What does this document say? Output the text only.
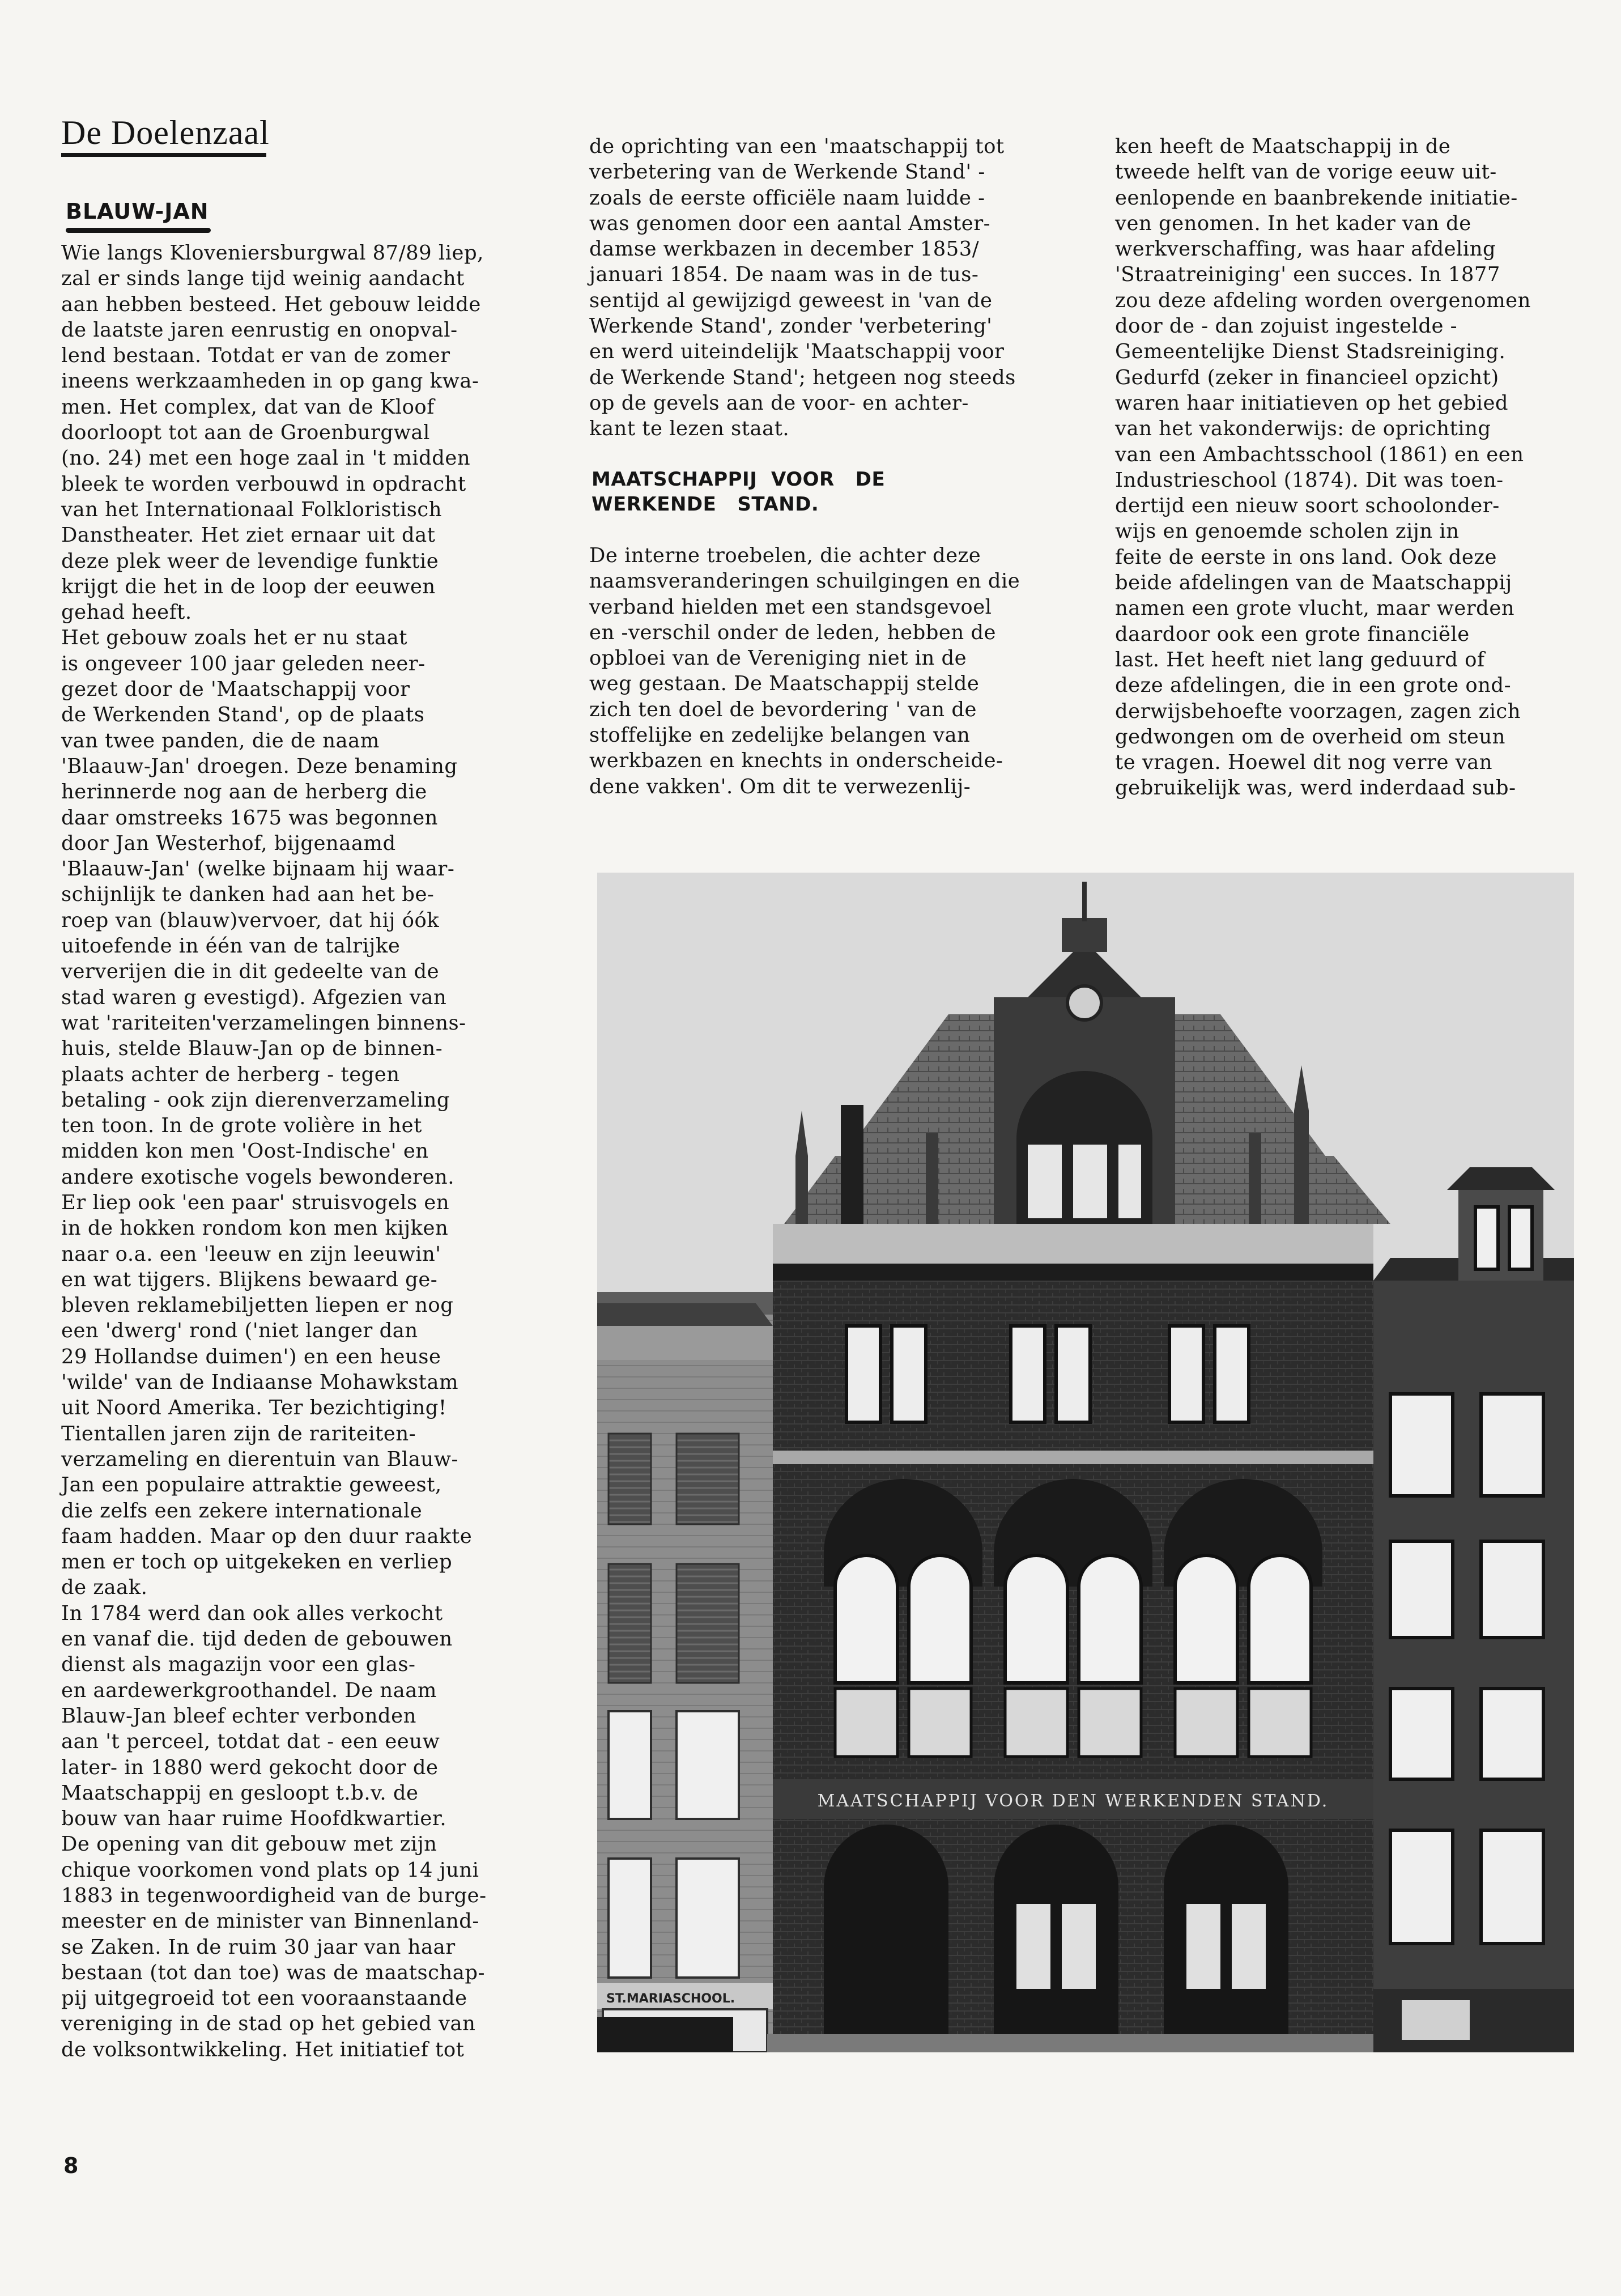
De Doelenzaal
BLAUW-JAN
Wie langs Kloveniersburgwal 87/89 liep,
zal er sinds lange tijd weinig aandacht
aan hebben besteed. Het gebouw leidde
de laatste jaren eenrustig en onopval-
lend bestaan. Totdat er van de zomer
ineens werkzaamheden in op gang kwa-
men. Het complex, dat van de Kloof
doorloopt tot aan de Groenburgwal
(no. 24) met een hoge zaal in 't midden
bleek te worden verbouwd in opdracht
van het Internationaal Folkloristisch
Danstheater. Het ziet ernaar uit dat
deze plek weer de levendige funktie
krijgt die het in de loop der eeuwen
gehad heeft.
Het gebouw zoals het er nu staat
is ongeveer 100 jaar geleden neer-
gezet door de 'Maatschappij voor
de Werkenden Stand', op de plaats
van twee panden, die de naam
'Blaauw-Jan' droegen. Deze benaming
herinnerde nog aan de herberg die
daar omstreeks 1675 was begonnen
door Jan Westerhof, bijgenaamd
'Blaauw-Jan' (welke bijnaam hij waar-
schijnlijk te danken had aan het be-
roep van (blauw)vervoer, dat hij óók
uitoefende in één van de talrijke
ververijen die in dit gedeelte van de
stad waren g evestigd). Afgezien van
wat 'rariteiten'verzamelingen binnens-
huis, stelde Blauw-Jan op de binnen-
plaats achter de herberg - tegen
betaling - ook zijn dierenverzameling
ten toon. In de grote volière in het
midden kon men 'Oost-Indische' en
andere exotische vogels bewonderen.
Er liep ook 'een paar' struisvogels en
in de hokken rondom kon men kijken
naar o.a. een 'leeuw en zijn leeuwin'
en wat tijgers. Blijkens bewaard ge-
bleven reklamebiljetten liepen er nog
een 'dwerg' rond ('niet langer dan
29 Hollandse duimen') en een heuse
'wilde' van de Indiaanse Mohawkstam
uit Noord Amerika. Ter bezichtiging!
Tientallen jaren zijn de rariteiten-
verzameling en dierentuin van Blauw-
Jan een populaire attraktie geweest,
die zelfs een zekere internationale
faam hadden. Maar op den duur raakte
men er toch op uitgekeken en verliep
de zaak.
In 1784 werd dan ook alles verkocht
en vanaf die. tijd deden de gebouwen
dienst als magazijn voor een glas-
en aardewerkgroothandel. De naam
Blauw-Jan bleef echter verbonden
aan 't perceel, totdat dat - een eeuw
later- in 1880 werd gekocht door de
Maatschappij en gesloopt t.b.v. de
bouw van haar ruime Hoofdkwartier.
De opening van dit gebouw met zijn
chique voorkomen vond plats op 14 juni
1883 in tegenwoordigheid van de burge-
meester en de minister van Binnenland-
se Zaken. In de ruim 30 jaar van haar
bestaan (tot dan toe) was de maatschap-
pij uitgegroeid tot een vooraanstaande
vereniging in de stad op het gebied van
de volksontwikkeling. Het initiatief tot
de oprichting van een 'maatschappij tot
verbetering van de Werkende Stand' -
zoals de eerste officiële naam luidde -
was genomen door een aantal Amster-
damse werkbazen in december 1853/
januari 1854. De naam was in de tus-
sentijd al gewijzigd geweest in 'van de
Werkende Stand', zonder 'verbetering'
en werd uiteindelijk 'Maatschappij voor
de Werkende Stand'; hetgeen nog steeds
op de gevels aan de voor- en achter-
kant te lezen staat.
MAATSCHAPPIJ  VOOR   DE
WERKENDE   STAND.
De interne troebelen, die achter deze
naamsveranderingen schuilgingen en die
verband hielden met een standsgevoel
en -verschil onder de leden, hebben de
opbloei van de Vereniging niet in de
weg gestaan. De Maatschappij stelde
zich ten doel de bevordering ' van de
stoffelijke en zedelijke belangen van
werkbazen en knechts in onderscheide-
dene vakken'. Om dit te verwezenlij-
ken heeft de Maatschappij in de
tweede helft van de vorige eeuw uit-
eenlopende en baanbrekende initiatie-
ven genomen. In het kader van de
werkverschaffing, was haar afdeling
'Straatreiniging' een succes. In 1877
zou deze afdeling worden overgenomen
door de - dan zojuist ingestelde -
Gemeentelijke Dienst Stadsreiniging.
Gedurfd (zeker in financieel opzicht)
waren haar initiatieven op het gebied
van het vakonderwijs: de oprichting
van een Ambachtsschool (1861) en een
Industrieschool (1874). Dit was toen-
dertijd een nieuw soort schoolonder-
wijs en genoemde scholen zijn in
feite de eerste in ons land. Ook deze
beide afdelingen van de Maatschappij
namen een grote vlucht, maar werden
daardoor ook een grote financiële
last. Het heeft niet lang geduurd of
deze afdelingen, die in een grote ond-
derwijsbehoefte voorzagen, zagen zich
gedwongen om de overheid om steun
te vragen. Hoewel dit nog verre van
gebruikelijk was, werd inderdaad sub-
ST.MARIASCHOOL.
MAATSCHAPPIJ VOOR DEN WERKENDEN STAND.
8
